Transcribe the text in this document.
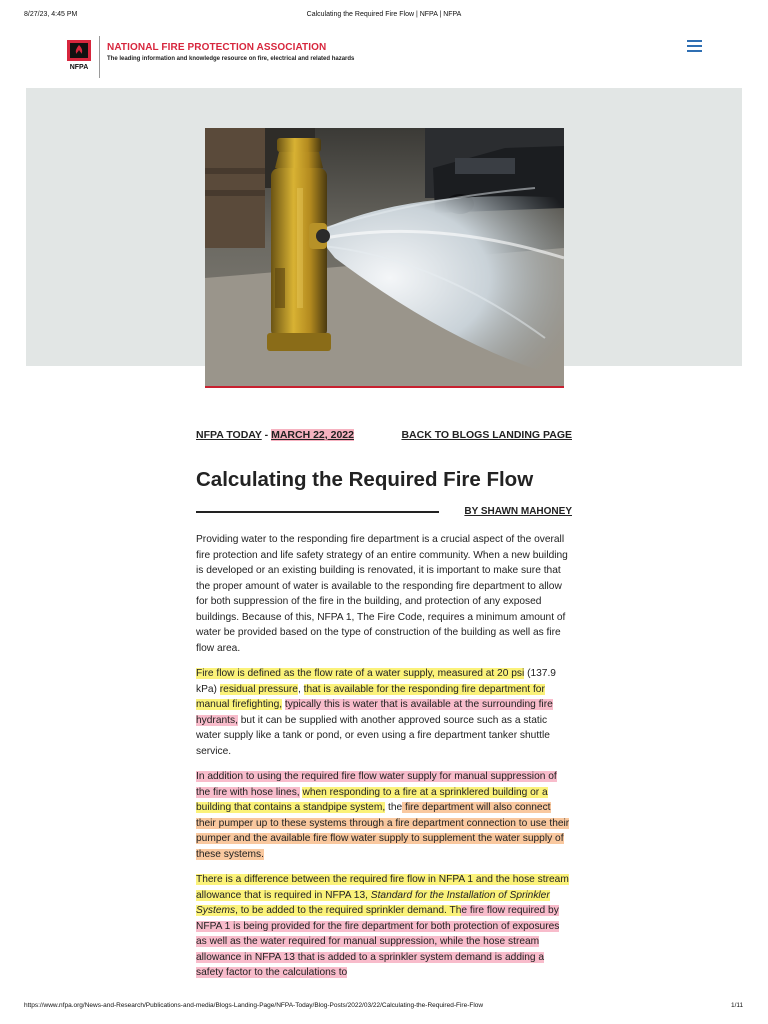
8/27/23, 4:45 PM	Calculating the Required Fire Flow | NFPA | NFPA
NFPA
NATIONAL FIRE PROTECTION ASSOCIATION
The leading information and knowledge resource on fire, electrical and related hazards
NFPA TODAY - MARCH 22, 2022	BACK TO BLOGS LANDING PAGE
Calculating the Required Fire Flow
BY SHAWN MAHONEY

Providing water to the responding fire department is a crucial aspect of the overall fire protection and life safety strategy of an entire community. When a new building is developed or an existing building is renovated, it is important to make sure that the proper amount of water is available to the responding fire department to allow for both suppression of the fire in the building, and protection of any exposed buildings. Because of this, NFPA 1, The Fire Code, requires a minimum amount of water be provided based on the type of construction of the building as well as fire flow area.

Fire flow is defined as the flow rate of a water supply, measured at 20 psi (137.9 kPa) residual pressure, that is available for the responding fire department for manual firefighting, typically this is water that is available at the surrounding fire hydrants, but it can be supplied with another approved source such as a static water supply like a tank or pond, or even using a fire department tanker shuttle service.

In addition to using the required fire flow water supply for manual suppression of the fire with hose lines, when responding to a fire at a sprinklered building or a building that contains a standpipe system, the fire department will also connect their pumper up to these systems through a fire department connection to use their pumper and the available fire flow water supply to supplement the water supply of these systems.

There is a difference between the required fire flow in NFPA 1 and the hose stream allowance that is required in NFPA 13, Standard for the Installation of Sprinkler Systems, to be added to the required sprinkler demand. The fire flow required by NFPA 1 is being provided for the fire department for both protection of exposures as well as the water required for manual suppression, while the hose stream allowance in NFPA 13 that is added to a sprinkler system demand is adding a safety factor to the calculations to

https://www.nfpa.org/News-and-Research/Publications-and-media/Blogs-Landing-Page/NFPA-Today/Blog-Posts/2022/03/22/Calculating-the-Required-Fire-Flow	1/11
